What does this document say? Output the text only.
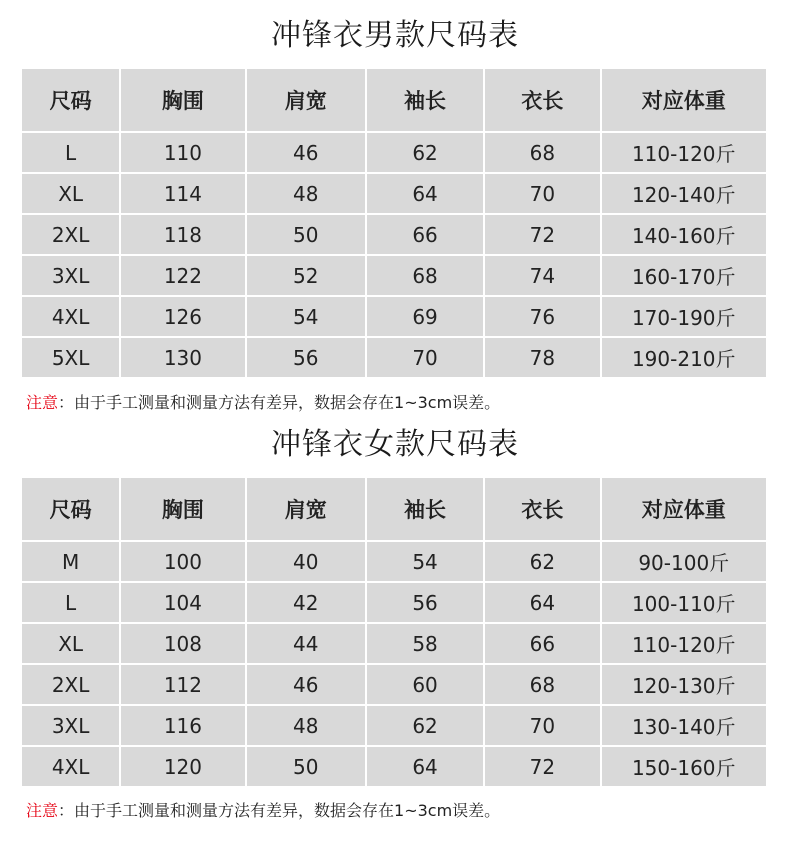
冲锋衣男款尺码表
尺码	胸围	肩宽	袖长	衣长	对应体重
L	110	46	62	68	110-120斤
XL	114	48	64	70	120-140斤
2XL	118	50	66	72	140-160斤
3XL	122	52	68	74	160-170斤
4XL	126	54	69	76	170-190斤
5XL	130	56	70	78	190-210斤
注意：由于手工测量和测量方法有差异，数据会存在1~3cm误差。
冲锋衣女款尺码表
尺码	胸围	肩宽	袖长	衣长	对应体重
M	100	40	54	62	90-100斤
L	104	42	56	64	100-110斤
XL	108	44	58	66	110-120斤
2XL	112	46	60	68	120-130斤
3XL	116	48	62	70	130-140斤
4XL	120	50	64	72	150-160斤
注意：由于手工测量和测量方法有差异，数据会存在1~3cm误差。
